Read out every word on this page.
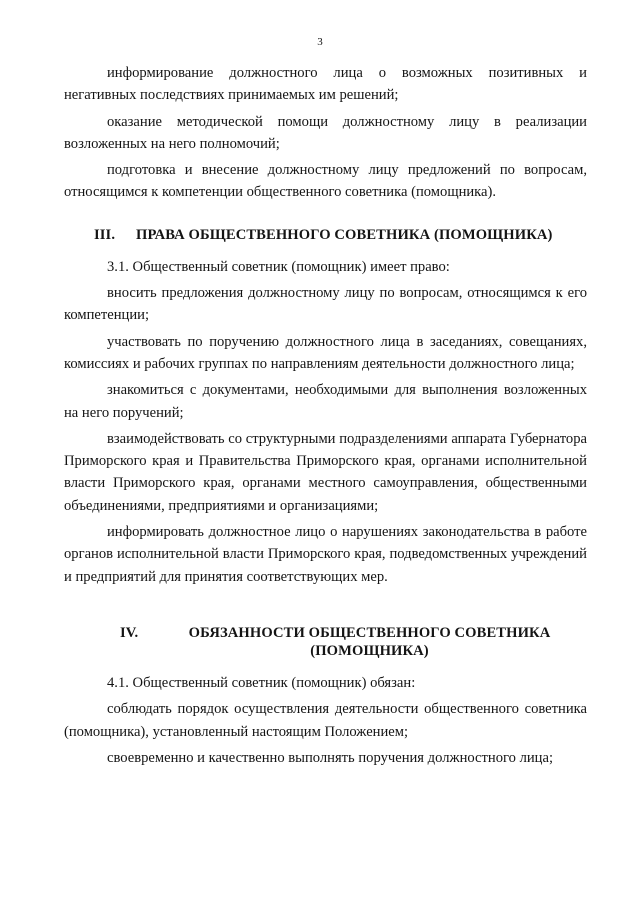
3

информирование должностного лица о возможных позитивных и негативных последствиях принимаемых им решений;

оказание методической помощи должностному лицу в реализации возложенных на него полномочий;

подготовка и внесение должностному лицу предложений по вопросам, относящимся к компетенции общественного советника (помощника).

III.	ПРАВА ОБЩЕСТВЕННОГО СОВЕТНИКА (ПОМОЩНИКА)

3.1. Общественный советник (помощник) имеет право:

вносить предложения должностному лицу по вопросам, относящимся к его компетенции;

участвовать по поручению должностного лица в заседаниях, совещаниях, комиссиях и рабочих группах по направлениям деятельности должностного лица;

знакомиться с документами, необходимыми для выполнения возложенных на него поручений;

взаимодействовать со структурными подразделениями аппарата Губернатора Приморского края и Правительства Приморского края, органами исполнительной власти Приморского края, органами местного самоуправления, общественными объединениями, предприятиями и организациями;

информировать должностное лицо о нарушениях законодательства в работе органов исполнительной власти Приморского края, подведомственных учреждений и предприятий для принятия соответствующих мер.

IV.	ОБЯЗАННОСТИ ОБЩЕСТВЕННОГО СОВЕТНИКА (ПОМОЩНИКА)

4.1. Общественный советник (помощник) обязан:

соблюдать порядок осуществления деятельности общественного советника (помощника), установленный настоящим Положением;

своевременно и качественно выполнять поручения должностного лица;
